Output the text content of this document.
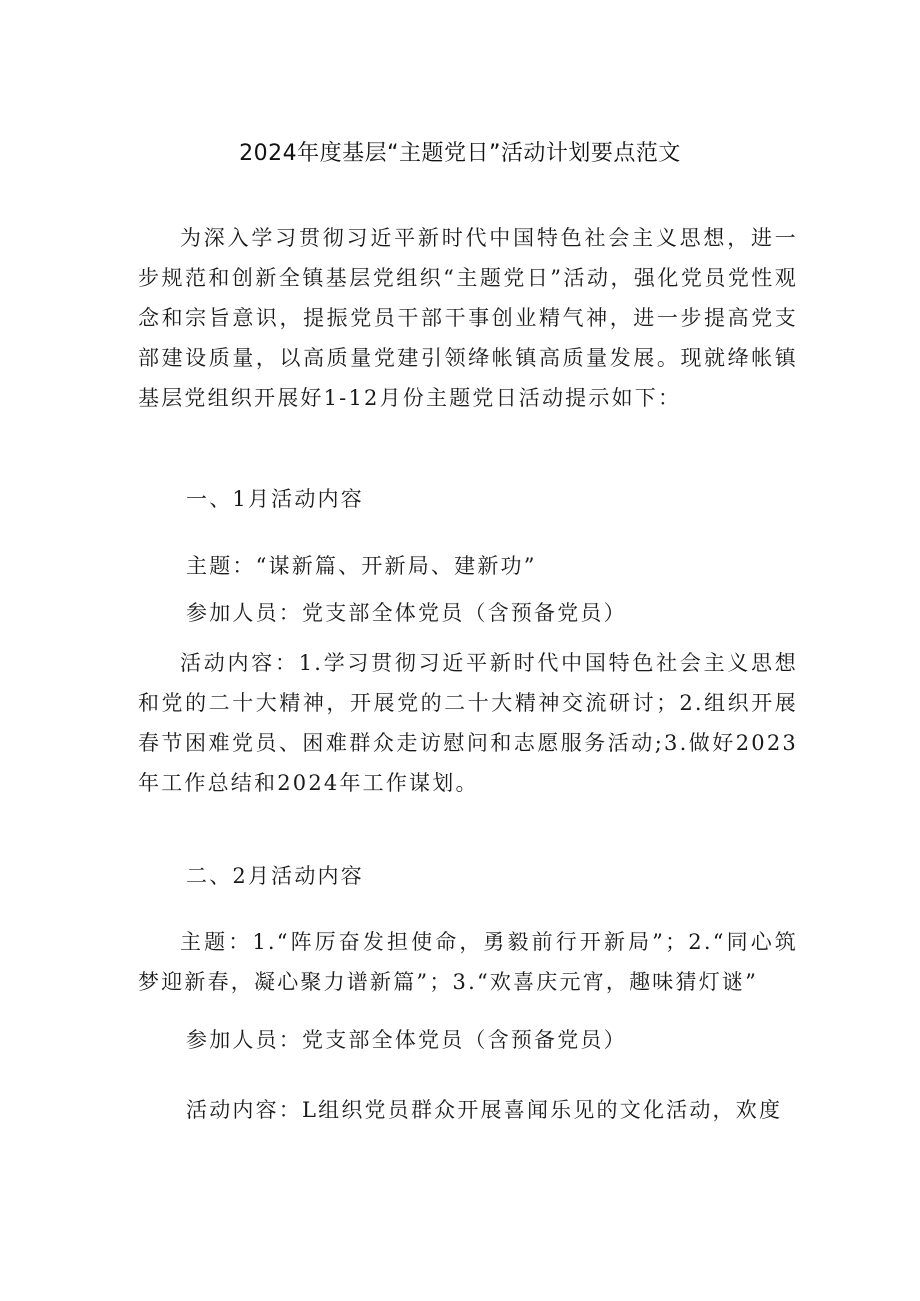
2024年度基层“主题党日”活动计划要点范文

为深入学习贯彻习近平新时代中国特色社会主义思想，进一步规范和创新全镇基层党组织“主题党日”活动，强化党员党性观念和宗旨意识，提振党员干部干事创业精气神，进一步提高党支部建设质量，以高质量党建引领绛帐镇高质量发展。现就绛帐镇基层党组织开展好1-12月份主题党日活动提示如下：

一、1月活动内容

主题：“谋新篇、开新局、建新功”

参加人员：党支部全体党员（含预备党员）

活动内容：1.学习贯彻习近平新时代中国特色社会主义思想和党的二十大精神，开展党的二十大精神交流研讨；2.组织开展春节困难党员、困难群众走访慰问和志愿服务活动;3.做好2023年工作总结和2024年工作谋划。

二、2月活动内容

主题：1.“阵厉奋发担使命，勇毅前行开新局”；2.“同心筑梦迎新春，凝心聚力谱新篇”；3.“欢喜庆元宵，趣味猜灯谜”

参加人员：党支部全体党员（含预备党员）

活动内容：L组织党员群众开展喜闻乐见的文化活动，欢度
